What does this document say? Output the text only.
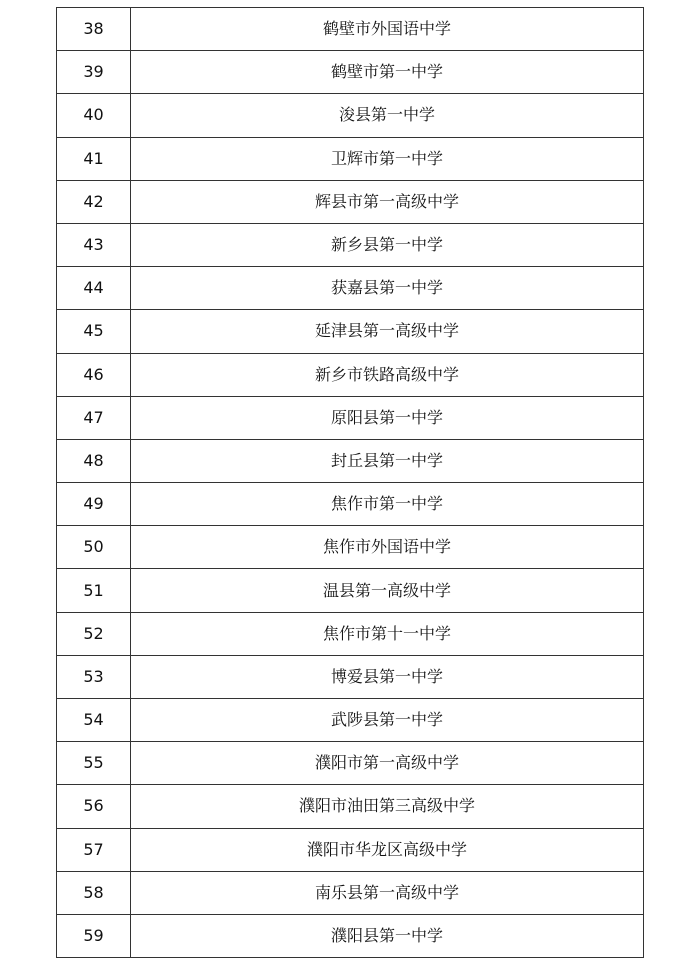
38	鹤壁市外国语中学
39	鹤壁市第一中学
40	浚县第一中学
41	卫辉市第一中学
42	辉县市第一高级中学
43	新乡县第一中学
44	获嘉县第一中学
45	延津县第一高级中学
46	新乡市铁路高级中学
47	原阳县第一中学
48	封丘县第一中学
49	焦作市第一中学
50	焦作市外国语中学
51	温县第一高级中学
52	焦作市第十一中学
53	博爱县第一中学
54	武陟县第一中学
55	濮阳市第一高级中学
56	濮阳市油田第三高级中学
57	濮阳市华龙区高级中学
58	南乐县第一高级中学
59	濮阳县第一中学
